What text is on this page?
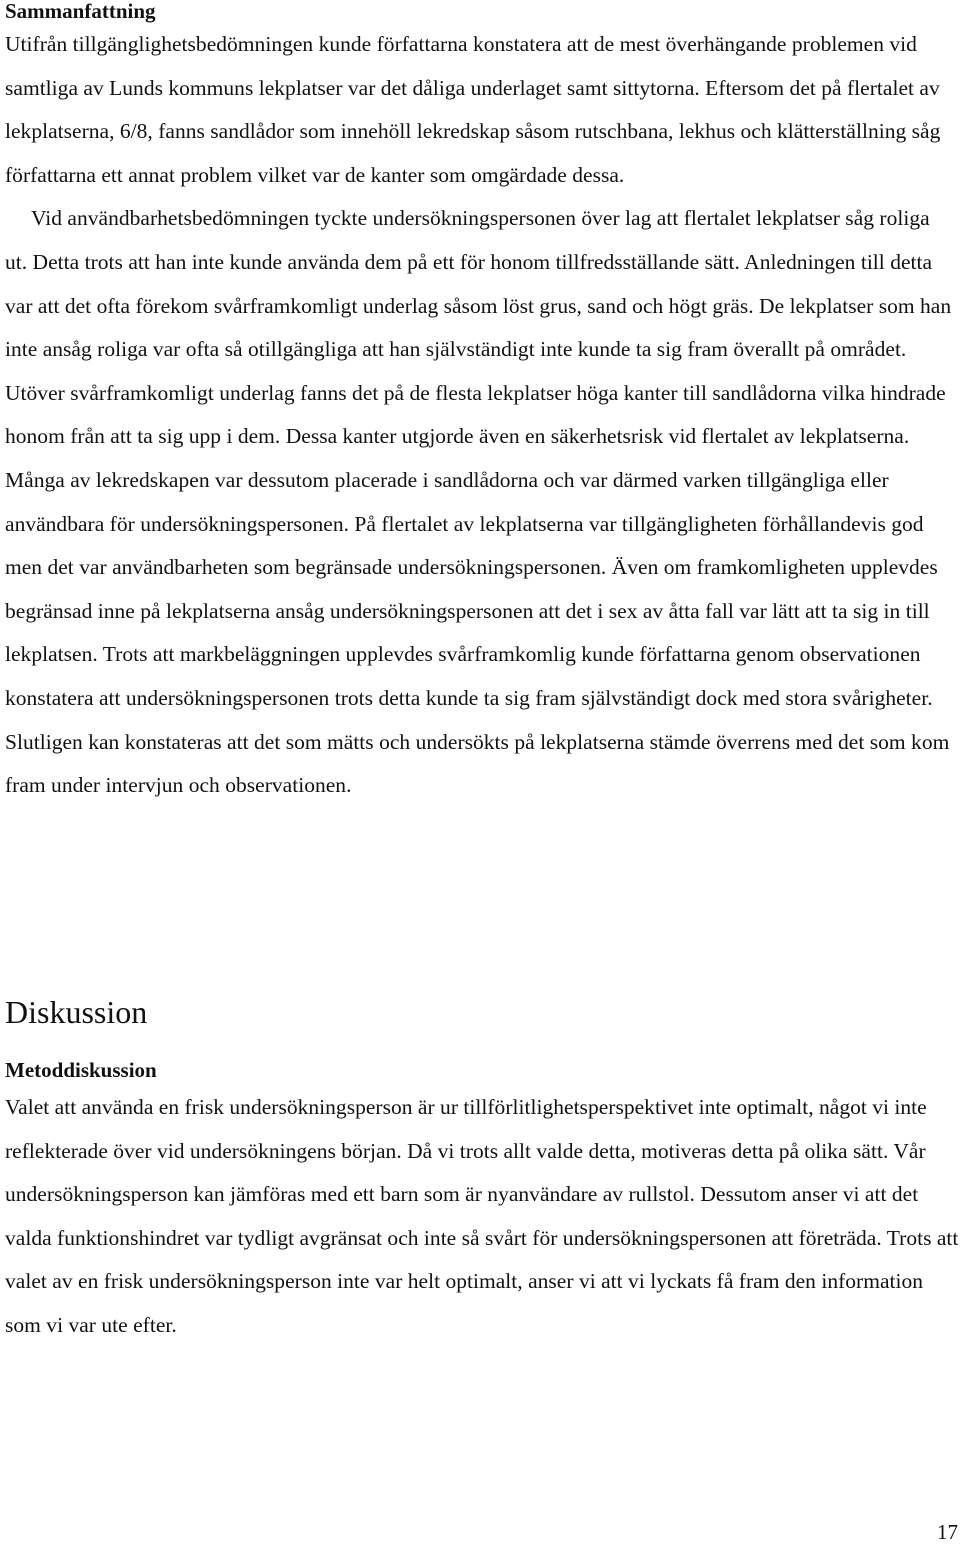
Sammanfattning

Utifrån tillgänglighetsbedömningen kunde författarna konstatera att de mest överhängande problemen vid samtliga av Lunds kommuns lekplatser var det dåliga underlaget samt sittytorna. Eftersom det på flertalet av lekplatserna, 6/8, fanns sandlådor som innehöll lekredskap såsom rutschbana, lekhus och klätterställning såg författarna ett annat problem vilket var de kanter som omgärdade dessa.

Vid användbarhetsbedömningen tyckte undersökningspersonen över lag att flertalet lekplatser såg roliga ut. Detta trots att han inte kunde använda dem på ett för honom tillfredsställande sätt. Anledningen till detta var att det ofta förekom svårframkomligt underlag såsom löst grus, sand och högt gräs. De lekplatser som han inte ansåg roliga var ofta så otillgängliga att han självständigt inte kunde ta sig fram överallt på området. Utöver svårframkomligt underlag fanns det på de flesta lekplatser höga kanter till sandlådorna vilka hindrade honom från att ta sig upp i dem. Dessa kanter utgjorde även en säkerhetsrisk vid flertalet av lekplatserna. Många av lekredskapen var dessutom placerade i sandlådorna och var därmed varken tillgängliga eller användbara för undersökningspersonen. På flertalet av lekplatserna var tillgängligheten förhållandevis god men det var användbarheten som begränsade undersökningspersonen. Även om framkomligheten upplevdes begränsad inne på lekplatserna ansåg undersökningspersonen att det i sex av åtta fall var lätt att ta sig in till lekplatsen. Trots att markbeläggningen upplevdes svårframkomlig kunde författarna genom observationen konstatera att undersökningspersonen trots detta kunde ta sig fram självständigt dock med stora svårigheter. Slutligen kan konstateras att det som mätts och undersökts på lekplatserna stämde överrens med det som kom fram under intervjun och observationen.

Diskussion
Metoddiskussion

Valet att använda en frisk undersökningsperson är ur tillförlitlighetsperspektivet inte optimalt, något vi inte reflekterade över vid undersökningens början. Då vi trots allt valde detta, motiveras detta på olika sätt. Vår undersökningsperson kan jämföras med ett barn som är nyanvändare av rullstol. Dessutom anser vi att det valda funktionshindret var tydligt avgränsat och inte så svårt för undersökningspersonen att företräda. Trots att valet av en frisk undersökningsperson inte var helt optimalt, anser vi att vi lyckats få fram den information som vi var ute efter.

17
